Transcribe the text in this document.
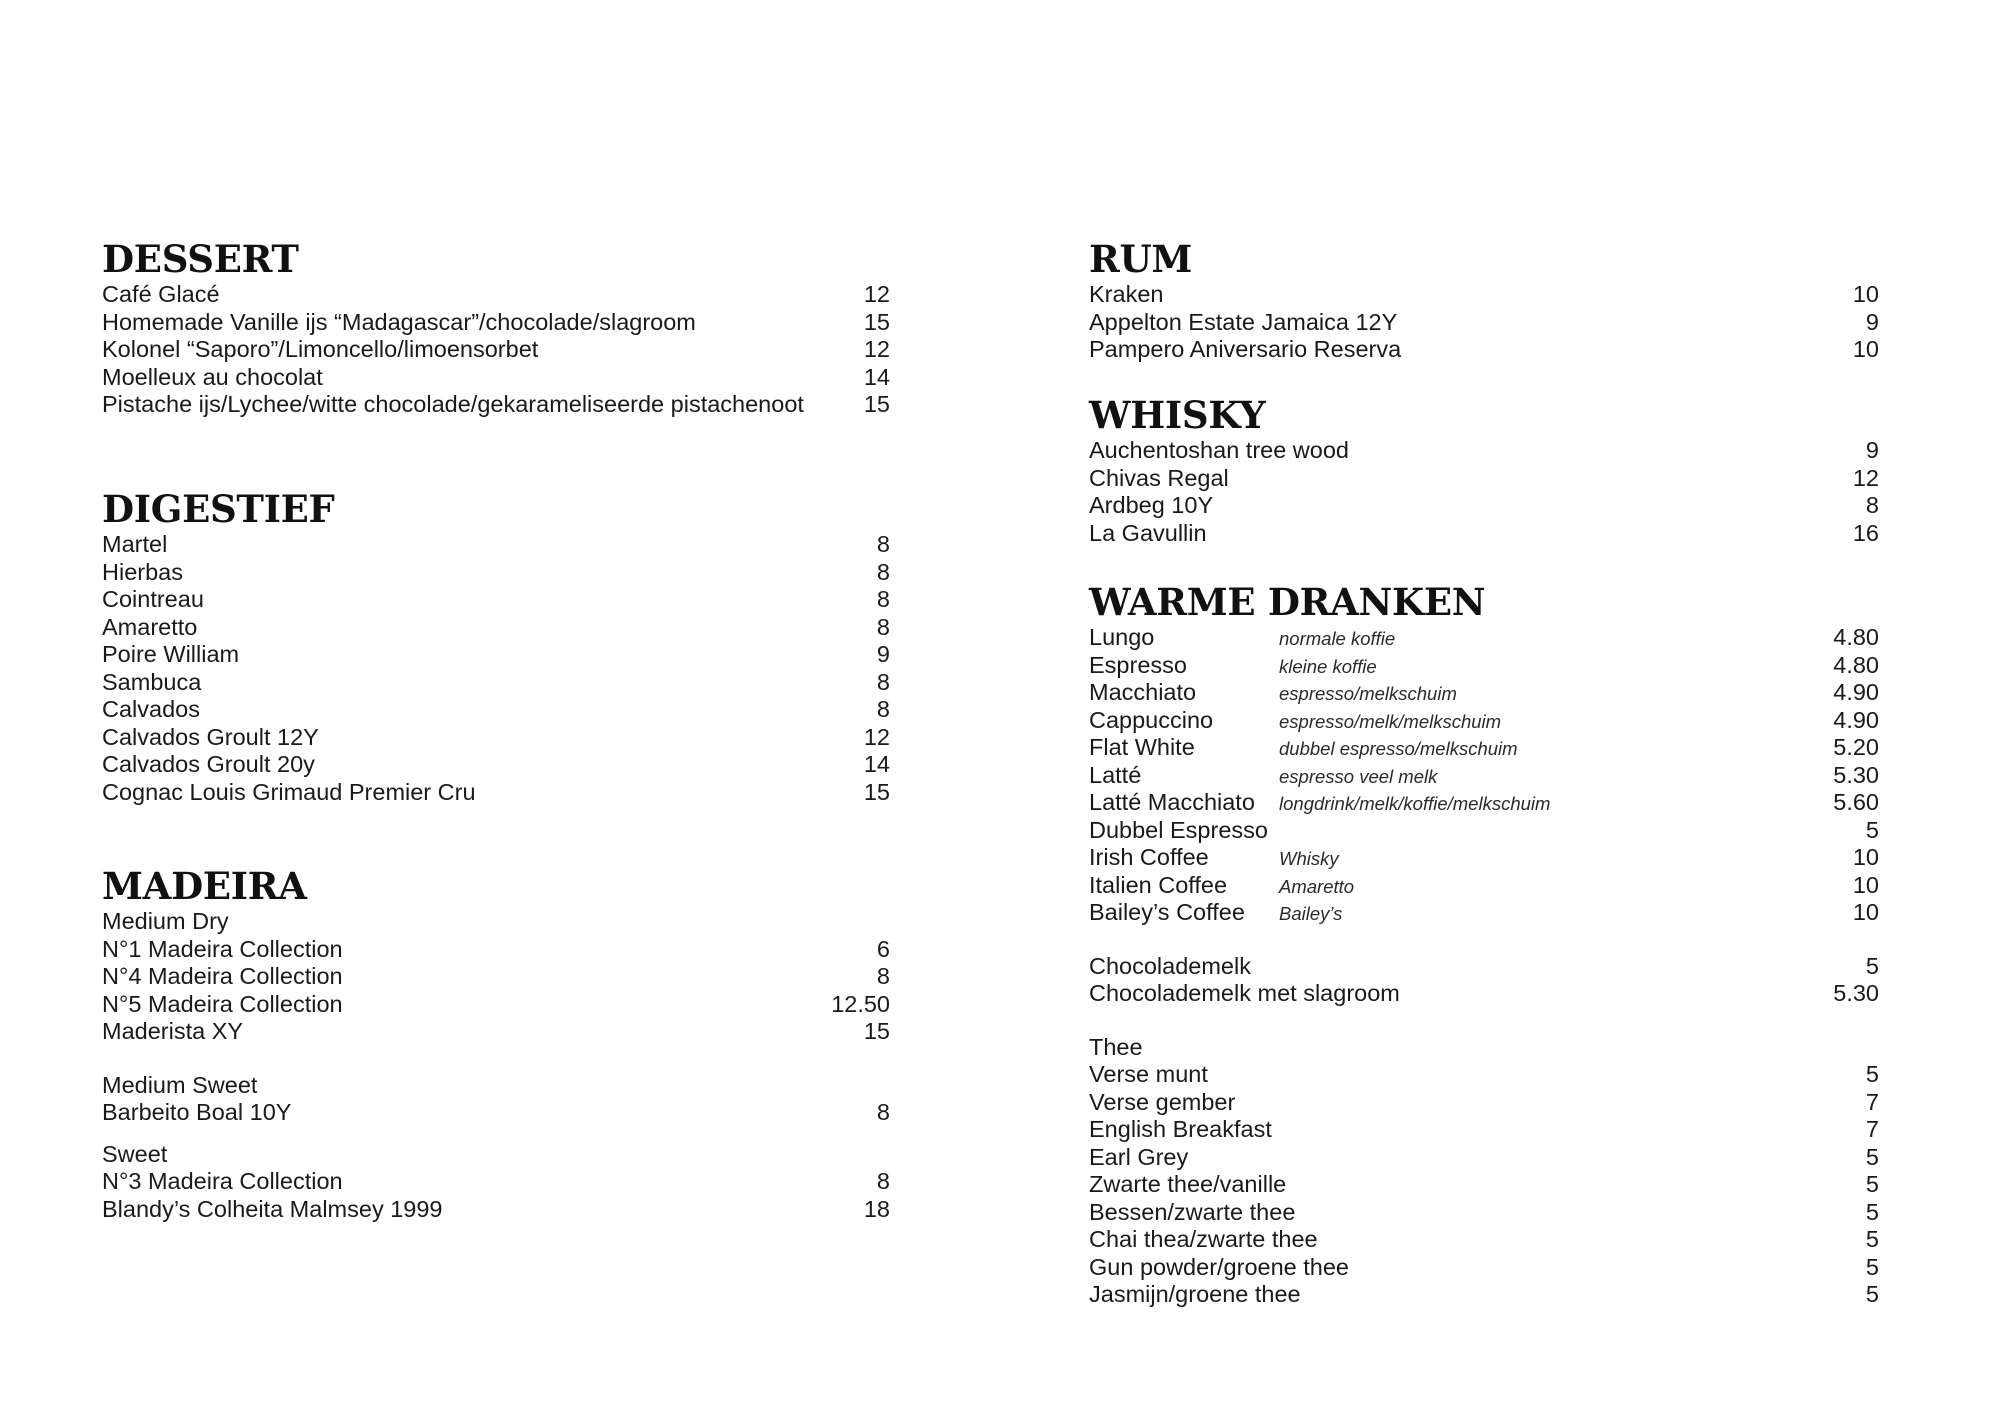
DESSERT
Café Glacé	12
Homemade Vanille ijs “Madagascar”/chocolade/slagroom	15
Kolonel “Saporo”/Limoncello/limoensorbet	12
Moelleux au chocolat	14
Pistache ijs/Lychee/witte chocolade/gekarameliseerde pistachenoot	15
DIGESTIEF
Martel	8
Hierbas	8
Cointreau	8
Amaretto	8
Poire William	9
Sambuca	8
Calvados	8
Calvados Groult 12Y	12
Calvados Groult 20y	14
Cognac Louis Grimaud Premier Cru	15
MADEIRA
Medium Dry
N°1 Madeira Collection	6
N°4 Madeira Collection	8
N°5 Madeira Collection	12.50
Maderista XY	15
Medium Sweet
Barbeito Boal 10Y	8
Sweet
N°3 Madeira Collection	8
Blandy’s Colheita Malmsey 1999	18
RUM
Kraken	10
Appelton Estate Jamaica 12Y	9
Pampero Aniversario Reserva	10
WHISKY
Auchentoshan tree wood	9
Chivas Regal	12
Ardbeg 10Y	8
La Gavullin	16
WARME DRANKEN
Lungo	normale koffie	4.80
Espresso	kleine koffie	4.80
Macchiato	espresso/melkschuim	4.90
Cappuccino	espresso/melk/melkschuim	4.90
Flat White	dubbel espresso/melkschuim	5.20
Latté	espresso veel melk	5.30
Latté Macchiato	longdrink/melk/koffie/melkschuim	5.60
Dubbel Espresso	5
Irish Coffee	Whisky	10
Italien Coffee	Amaretto	10
Bailey’s Coffee	Bailey’s	10
Chocolademelk	5
Chocolademelk met slagroom	5.30
Thee
Verse munt	5
Verse gember	7
English Breakfast	7
Earl Grey	5
Zwarte thee/vanille	5
Bessen/zwarte thee	5
Chai thea/zwarte thee	5
Gun powder/groene thee	5
Jasmijn/groene thee	5
